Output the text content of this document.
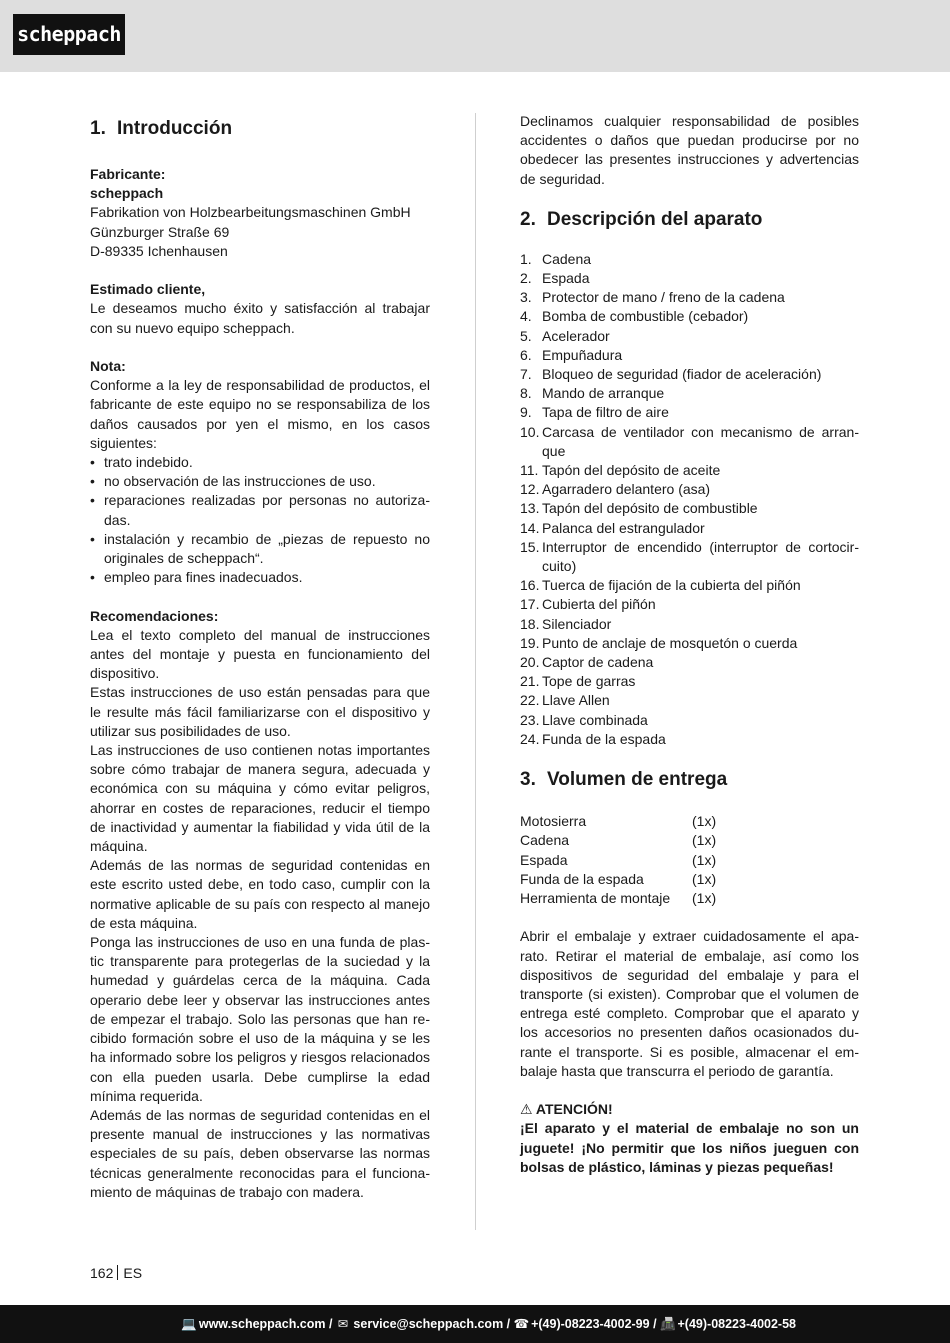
scheppach
1. Introducción

Fabricante:

scheppach

Fabrikation von Holzbearbeitungsmaschinen GmbH

Günzburger Straße 69

D-89335 Ichenhausen

Estimado cliente,

Le deseamos mucho éxito y satisfacción al trabajar con su nuevo equipo scheppach.

Nota:

Conforme a la ley de responsabilidad de productos, el fabricante de este equipo no se responsabiliza de los daños causados por yen el mismo, en los casos siguientes:

• trato indebido.
• no observación de las instrucciones de uso.
• reparaciones realizadas por personas no autorizadas.
• instalación y recambio de „piezas de repuesto no originales de scheppach“.
• empleo para fines inadecuados.

Recomendaciones:

Lea el texto completo del manual de instrucciones antes del montaje y puesta en funcionamiento del dispositivo.

Estas instrucciones de uso están pensadas para que le resulte más fácil familiarizarse con el dispositivo y utilizar sus posibilidades de uso.

Las instrucciones de uso contienen notas importantes sobre cómo trabajar de manera segura, adecuada y económica con su máquina y cómo evitar peligros, ahorrar en costes de reparaciones, reducir el tiempo de inactividad y aumentar la fiabilidad y vida útil de la máquina.

Además de las normas de seguridad contenidas en este escrito usted debe, en todo caso, cumplir con la normative aplicable de su país con respecto al manejo de esta máquina.

Ponga las instrucciones de uso en una funda de plastic transparente para protegerlas de la suciedad y la humedad y guárdelas cerca de la máquina. Cada operario debe leer y observar las instrucciones antes de empezar el trabajo. Solo las personas que han recibido formación sobre el uso de la máquina y se les ha informado sobre los peligros y riesgos relacionados con ella pueden usarla. Debe cumplirse la edad mínima requerida.

Además de las normas de seguridad contenidas en el presente manual de instrucciones y las normativas especiales de su país, deben observarse las normas técnicas generalmente reconocidas para el funcionamiento de máquinas de trabajo con madera.

Declinamos cualquier responsabilidad de posibles accidentes o daños que puedan producirse por no obedecer las presentes instrucciones y advertencias de seguridad.

2. Descripción del aparato
1. Cadena
2. Espada
3. Protector de mano / freno de la cadena
4. Bomba de combustible (cebador)
5. Acelerador
6. Empuñadura
7. Bloqueo de seguridad (fiador de aceleración)
8. Mando de arranque
9. Tapa de filtro de aire
10. Carcasa de ventilador con mecanismo de arranque
11. Tapón del depósito de aceite
12. Agarradero delantero (asa)
13. Tapón del depósito de combustible
14. Palanca del estrangulador
15. Interruptor de encendido (interruptor de cortocircuito)
16. Tuerca de fijación de la cubierta del piñón
17. Cubierta del piñón
18. Silenciador
19. Punto de anclaje de mosquetón o cuerda
20. Captor de cadena
21. Tope de garras
22. Llave Allen
23. Llave combinada
24. Funda de la espada
3. Volumen de entrega
Motosierra	(1x)
Cadena	(1x)
Espada	(1x)
Funda de la espada	(1x)
Herramienta de montaje	(1x)

Abrir el embalaje y extraer cuidadosamente el aparato. Retirar el material de embalaje, así como los dispositivos de seguridad del embalaje y para el transporte (si existen). Comprobar que el volumen de entrega esté completo. Comprobar que el aparato y los accesorios no presenten daños ocasionados durante el transporte. Si es posible, almacenar el embalaje hasta que transcurra el periodo de garantía.

⚠ ATENCIÓN!

¡El aparato y el material de embalaje no son un juguete! ¡No permitir que los niños jueguen con bolsas de plástico, láminas y piezas pequeñas!

162 ES
💻 www.scheppach.com / ✉ service@scheppach.com / ☎ +(49)-08223-4002-99 / 📠 +(49)-08223-4002-58
